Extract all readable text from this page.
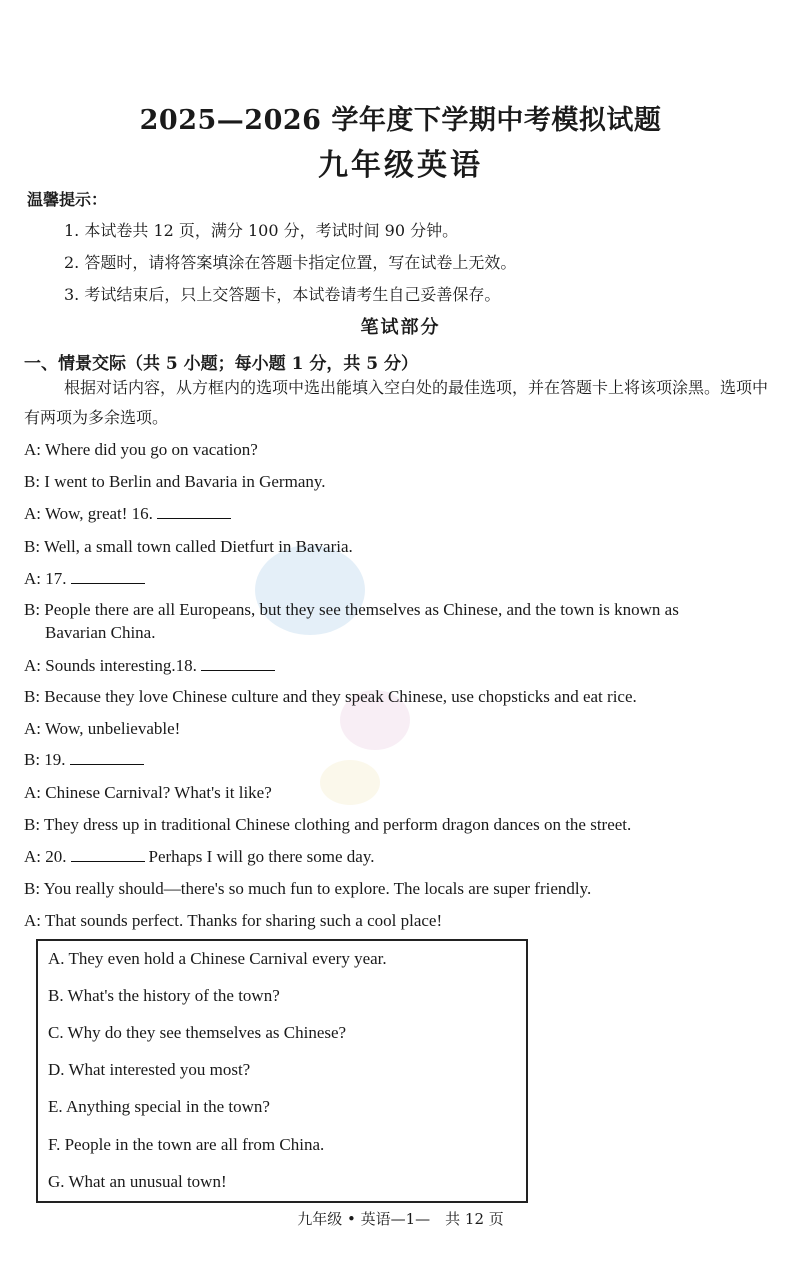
2025—2026 学年度下学期中考模拟试题
九年级英语
温馨提示：
1. 本试卷共 12 页，满分 100 分，考试时间 90 分钟。
2. 答题时，请将答案填涂在答题卡指定位置，写在试卷上无效。
3. 考试结束后，只上交答题卡，本试卷请考生自己妥善保存。
笔试部分
一、情景交际（共 5 小题；每小题 1 分，共 5 分）
根据对话内容，从方框内的选项中选出能填入空白处的最佳选项，并在答题卡上将该项涂黑。选项中有两项为多余选项。
A: Where did you go on vacation?
B: I went to Berlin and Bavaria in Germany.
A: Wow, great! 16.
B: Well, a small town called Dietfurt in Bavaria.
A: 17.
B: People there are all Europeans, but they see themselves as Chinese, and the town is known as
Bavarian China.
A: Sounds interesting.18.
B: Because they love Chinese culture and they speak Chinese, use chopsticks and eat rice.
A: Wow, unbelievable!
B: 19.
A: Chinese Carnival? What's it like?
B: They dress up in traditional Chinese clothing and perform dragon dances on the street.
A: 20.	Perhaps I will go there some day.
B: You really should—there's so much fun to explore. The locals are super friendly.
A: That sounds perfect. Thanks for sharing such a cool place!
A. They even hold a Chinese Carnival every year.
B. What's the history of the town?
C. Why do they see themselves as Chinese?
D. What interested you most?
E. Anything special in the town?
F. People in the town are all from China.
G. What an unusual town!
九年级 • 英语—1—　共 12 页
